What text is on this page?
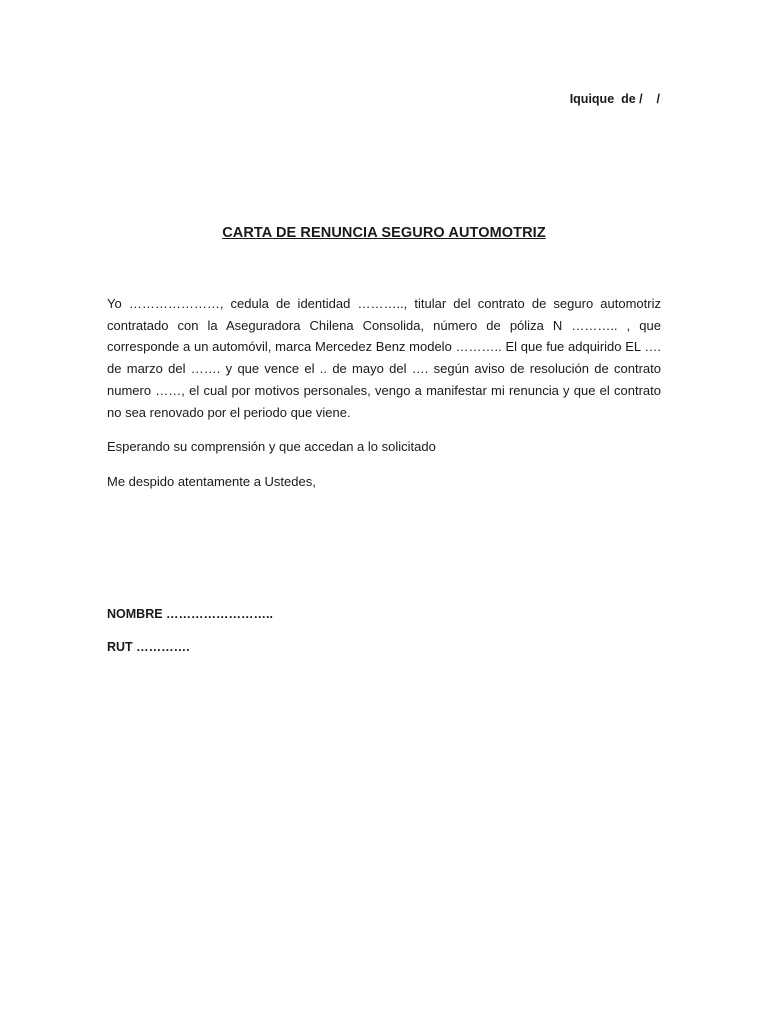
Iquique  de /    /
CARTA DE RENUNCIA SEGURO AUTOMOTRIZ
Yo …………………, cedula de identidad ……….., titular del contrato de seguro automotriz contratado con la Aseguradora Chilena Consolida, número de póliza N ……….. , que corresponde a un automóvil, marca Mercedez Benz modelo ……….. El que fue adquirido EL …. de marzo del ……. y que vence el .. de mayo del …. según aviso de resolución de contrato numero ……, el cual por motivos personales, vengo a manifestar mi renuncia y que el contrato no sea renovado por el periodo que viene.
Esperando su comprensión y que accedan a lo solicitado
Me despido atentamente a Ustedes,
NOMBRE ……………………..
RUT ………….
